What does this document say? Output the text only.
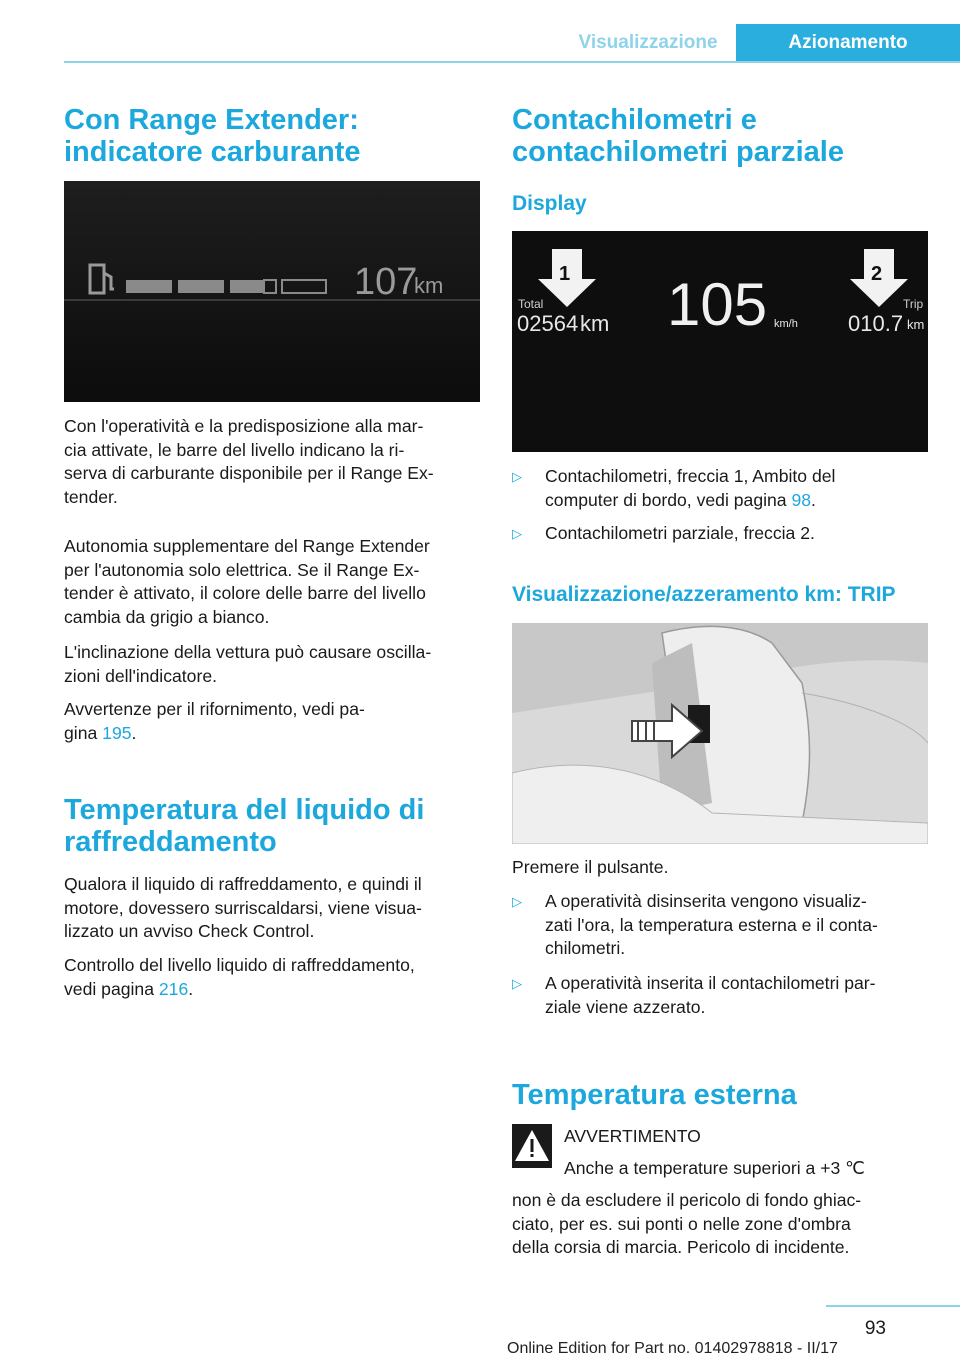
Visualizzazione	Azionamento
Con Range Extender:
indicatore carburante
107
km

Con l'operatività e la predisposizione alla mar-

cia attivate, le barre del livello indicano la ri-

serva di carburante disponibile per il Range Ex-

tender.

Autonomia supplementare del Range Extender

per l'autonomia solo elettrica. Se il Range Ex-

tender è attivato, il colore delle barre del livello

cambia da grigio a bianco.

L'inclinazione della vettura può causare oscilla-

zioni dell'indicatore.

Avvertenze per il rifornimento, vedi pa-

gina 195.

Temperatura del liquido di
raffreddamento

Qualora il liquido di raffreddamento, e quindi il

motore, dovessero surriscaldarsi, viene visua-

lizzato un avviso Check Control.

Controllo del livello liquido di raffreddamento,

vedi pagina 216.

Contachilometri e
contachilometri parziale
Display
1	2
Total
02564 km 105 km/h
Trip
010.7 km
▷ Contachilometri, freccia 1, Ambito del
computer di bordo, vedi pagina 98.
▷ Contachilometri parziale, freccia 2.
Visualizzazione/azzeramento km: TRIP

Premere il pulsante.

▷ A operatività disinserita vengono visualiz-
zati l'ora, la temperatura esterna e il conta-
chilometri.
▷ A operatività inserita il contachilometri par-
ziale viene azzerato.
Temperatura esterna

AVVERTIMENTO

Anche a temperature superiori a +3 ℃

non è da escludere il pericolo di fondo ghiac-

ciato, per es. sui ponti o nelle zone d'ombra

della corsia di marcia. Pericolo di incidente.

93
Online Edition for Part no. 01402978818 - II/17
